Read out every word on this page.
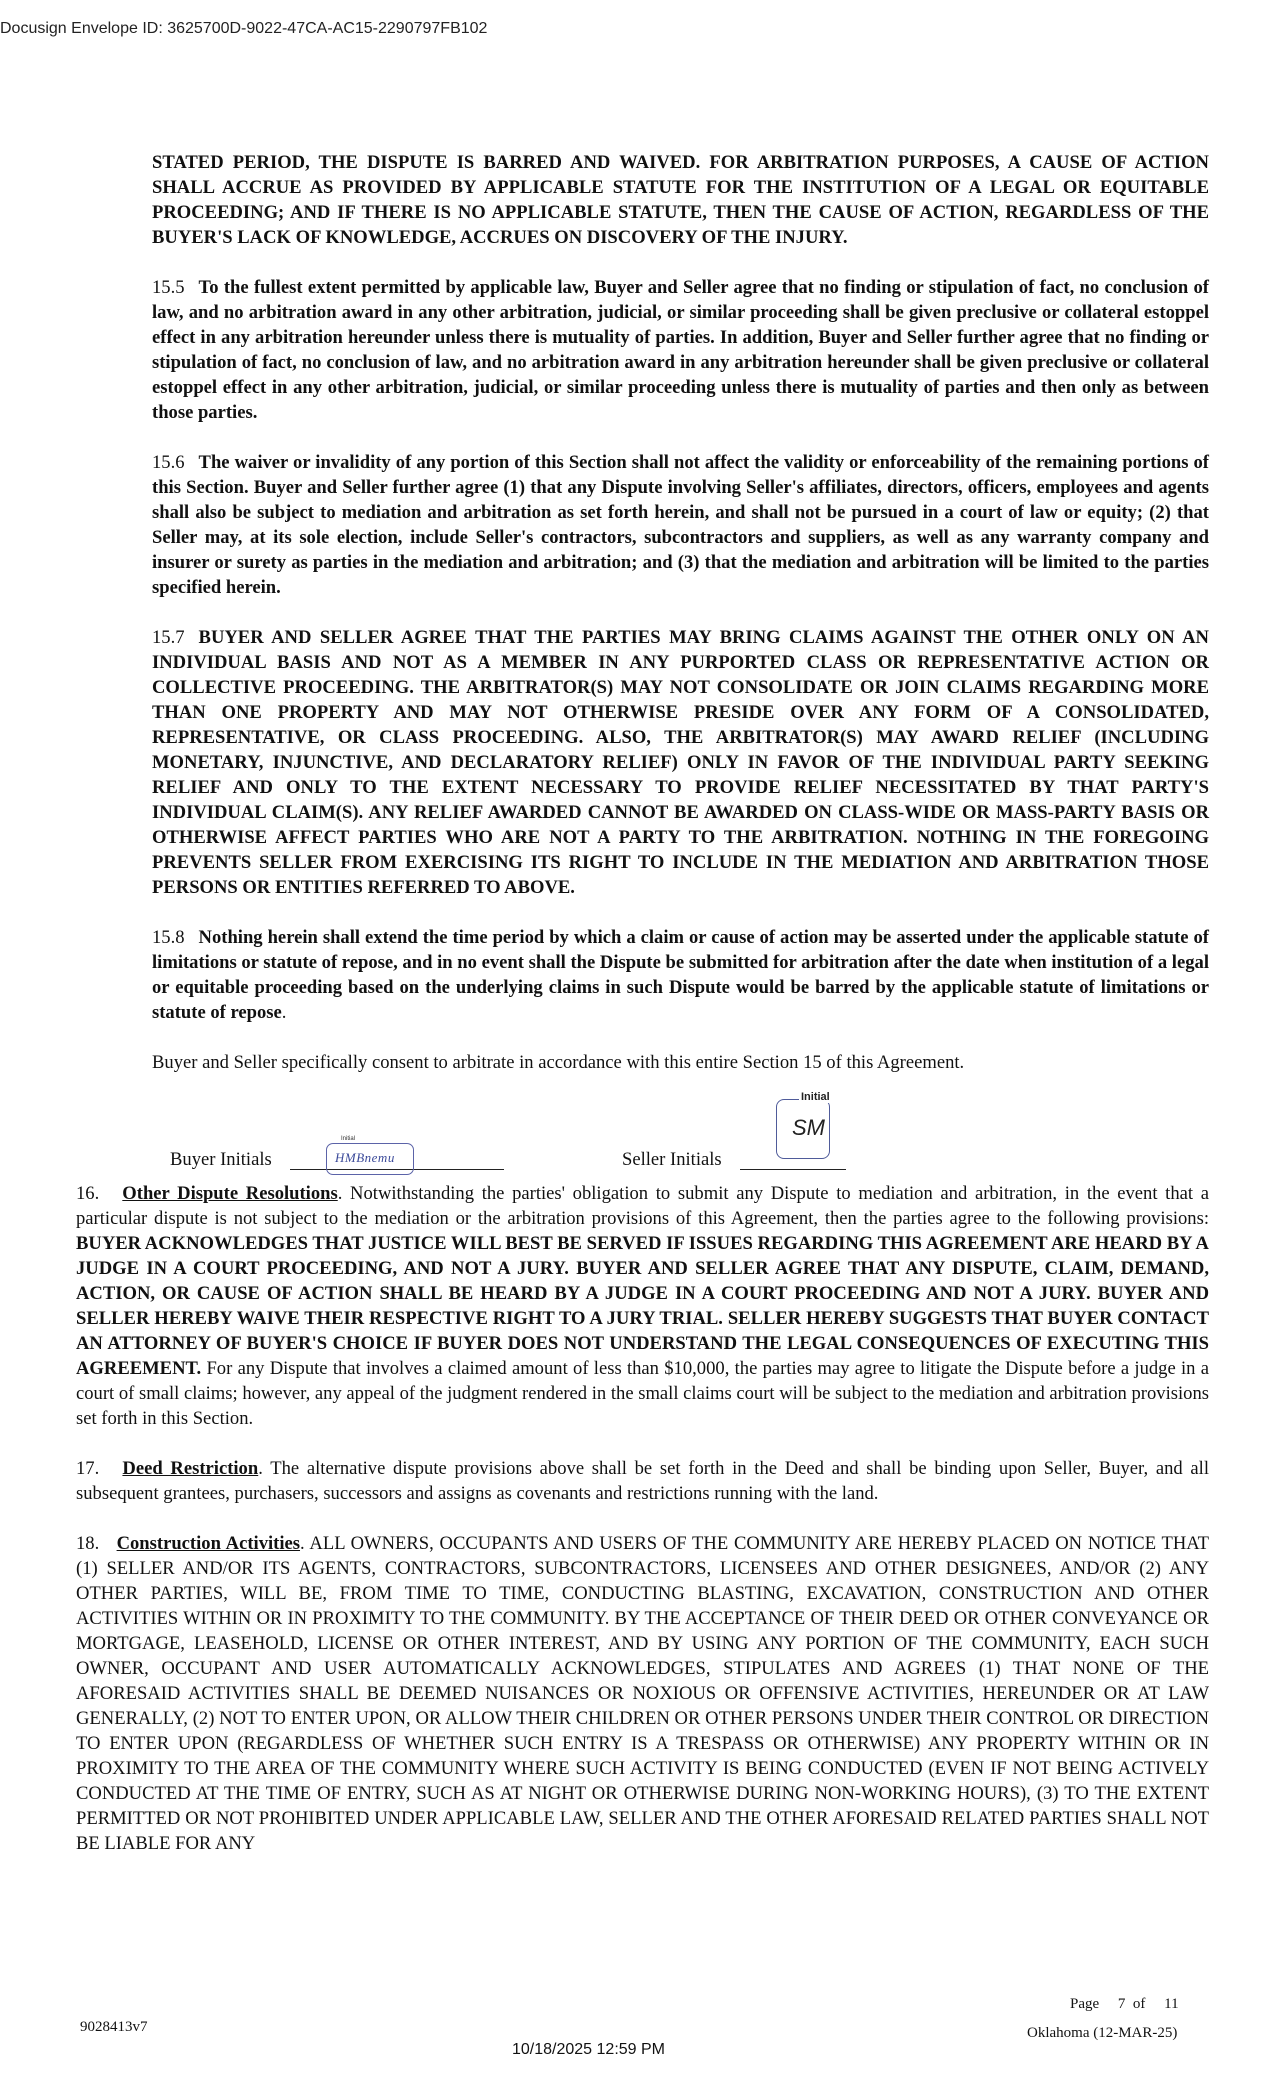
Docusign Envelope ID: 3625700D-9022-47CA-AC15-2290797FB102

STATED PERIOD, THE DISPUTE IS BARRED AND WAIVED. FOR ARBITRATION PURPOSES, A CAUSE OF ACTION SHALL ACCRUE AS PROVIDED BY APPLICABLE STATUTE FOR THE INSTITUTION OF A LEGAL OR EQUITABLE PROCEEDING; AND IF THERE IS NO APPLICABLE STATUTE, THEN THE CAUSE OF ACTION, REGARDLESS OF THE BUYER'S LACK OF KNOWLEDGE, ACCRUES ON DISCOVERY OF THE INJURY.

15.5 To the fullest extent permitted by applicable law, Buyer and Seller agree that no finding or stipulation of fact, no conclusion of law, and no arbitration award in any other arbitration, judicial, or similar proceeding shall be given preclusive or collateral estoppel effect in any arbitration hereunder unless there is mutuality of parties. In addition, Buyer and Seller further agree that no finding or stipulation of fact, no conclusion of law, and no arbitration award in any arbitration hereunder shall be given preclusive or collateral estoppel effect in any other arbitration, judicial, or similar proceeding unless there is mutuality of parties and then only as between those parties.

15.6 The waiver or invalidity of any portion of this Section shall not affect the validity or enforceability of the remaining portions of this Section. Buyer and Seller further agree (1) that any Dispute involving Seller's affiliates, directors, officers, employees and agents shall also be subject to mediation and arbitration as set forth herein, and shall not be pursued in a court of law or equity; (2) that Seller may, at its sole election, include Seller's contractors, subcontractors and suppliers, as well as any warranty company and insurer or surety as parties in the mediation and arbitration; and (3) that the mediation and arbitration will be limited to the parties specified herein.

15.7 BUYER AND SELLER AGREE THAT THE PARTIES MAY BRING CLAIMS AGAINST THE OTHER ONLY ON AN INDIVIDUAL BASIS AND NOT AS A MEMBER IN ANY PURPORTED CLASS OR REPRESENTATIVE ACTION OR COLLECTIVE PROCEEDING. THE ARBITRATOR(S) MAY NOT CONSOLIDATE OR JOIN CLAIMS REGARDING MORE THAN ONE PROPERTY AND MAY NOT OTHERWISE PRESIDE OVER ANY FORM OF A CONSOLIDATED, REPRESENTATIVE, OR CLASS PROCEEDING. ALSO, THE ARBITRATOR(S) MAY AWARD RELIEF (INCLUDING MONETARY, INJUNCTIVE, AND DECLARATORY RELIEF) ONLY IN FAVOR OF THE INDIVIDUAL PARTY SEEKING RELIEF AND ONLY TO THE EXTENT NECESSARY TO PROVIDE RELIEF NECESSITATED BY THAT PARTY'S INDIVIDUAL CLAIM(S). ANY RELIEF AWARDED CANNOT BE AWARDED ON CLASS-WIDE OR MASS-PARTY BASIS OR OTHERWISE AFFECT PARTIES WHO ARE NOT A PARTY TO THE ARBITRATION. NOTHING IN THE FOREGOING PREVENTS SELLER FROM EXERCISING ITS RIGHT TO INCLUDE IN THE MEDIATION AND ARBITRATION THOSE PERSONS OR ENTITIES REFERRED TO ABOVE.

15.8 Nothing herein shall extend the time period by which a claim or cause of action may be asserted under the applicable statute of limitations or statute of repose, and in no event shall the Dispute be submitted for arbitration after the date when institution of a legal or equitable proceeding based on the underlying claims in such Dispute would be barred by the applicable statute of limitations or statute of repose.

Buyer and Seller specifically consent to arbitrate in accordance with this entire Section 15 of this Agreement.

Buyer Initials
Initial
HMBnemu	Seller Initials
Initial
SM

16. Other Dispute Resolutions. Notwithstanding the parties' obligation to submit any Dispute to mediation and arbitration, in the event that a particular dispute is not subject to the mediation or the arbitration provisions of this Agreement, then the parties agree to the following provisions: BUYER ACKNOWLEDGES THAT JUSTICE WILL BEST BE SERVED IF ISSUES REGARDING THIS AGREEMENT ARE HEARD BY A JUDGE IN A COURT PROCEEDING, AND NOT A JURY. BUYER AND SELLER AGREE THAT ANY DISPUTE, CLAIM, DEMAND, ACTION, OR CAUSE OF ACTION SHALL BE HEARD BY A JUDGE IN A COURT PROCEEDING AND NOT A JURY. BUYER AND SELLER HEREBY WAIVE THEIR RESPECTIVE RIGHT TO A JURY TRIAL. SELLER HEREBY SUGGESTS THAT BUYER CONTACT AN ATTORNEY OF BUYER'S CHOICE IF BUYER DOES NOT UNDERSTAND THE LEGAL CONSEQUENCES OF EXECUTING THIS AGREEMENT. For any Dispute that involves a claimed amount of less than $10,000, the parties may agree to litigate the Dispute before a judge in a court of small claims; however, any appeal of the judgment rendered in the small claims court will be subject to the mediation and arbitration provisions set forth in this Section.

17. Deed Restriction. The alternative dispute provisions above shall be set forth in the Deed and shall be binding upon Seller, Buyer, and all subsequent grantees, purchasers, successors and assigns as covenants and restrictions running with the land.

18. Construction Activities. ALL OWNERS, OCCUPANTS AND USERS OF THE COMMUNITY ARE HEREBY PLACED ON NOTICE THAT (1) SELLER AND/OR ITS AGENTS, CONTRACTORS, SUBCONTRACTORS, LICENSEES AND OTHER DESIGNEES, AND/OR (2) ANY OTHER PARTIES, WILL BE, FROM TIME TO TIME, CONDUCTING BLASTING, EXCAVATION, CONSTRUCTION AND OTHER ACTIVITIES WITHIN OR IN PROXIMITY TO THE COMMUNITY. BY THE ACCEPTANCE OF THEIR DEED OR OTHER CONVEYANCE OR MORTGAGE, LEASEHOLD, LICENSE OR OTHER INTEREST, AND BY USING ANY PORTION OF THE COMMUNITY, EACH SUCH OWNER, OCCUPANT AND USER AUTOMATICALLY ACKNOWLEDGES, STIPULATES AND AGREES (1) THAT NONE OF THE AFORESAID ACTIVITIES SHALL BE DEEMED NUISANCES OR NOXIOUS OR OFFENSIVE ACTIVITIES, HEREUNDER OR AT LAW GENERALLY, (2) NOT TO ENTER UPON, OR ALLOW THEIR CHILDREN OR OTHER PERSONS UNDER THEIR CONTROL OR DIRECTION TO ENTER UPON (REGARDLESS OF WHETHER SUCH ENTRY IS A TRESPASS OR OTHERWISE) ANY PROPERTY WITHIN OR IN PROXIMITY TO THE AREA OF THE COMMUNITY WHERE SUCH ACTIVITY IS BEING CONDUCTED (EVEN IF NOT BEING ACTIVELY CONDUCTED AT THE TIME OF ENTRY, SUCH AS AT NIGHT OR OTHERWISE DURING NON-WORKING HOURS), (3) TO THE EXTENT PERMITTED OR NOT PROHIBITED UNDER APPLICABLE LAW, SELLER AND THE OTHER AFORESAID RELATED PARTIES SHALL NOT BE LIABLE FOR ANY

Page 7 of 11
9028413v7	Oklahoma (12-MAR-25)
10/18/2025 12:59 PM
